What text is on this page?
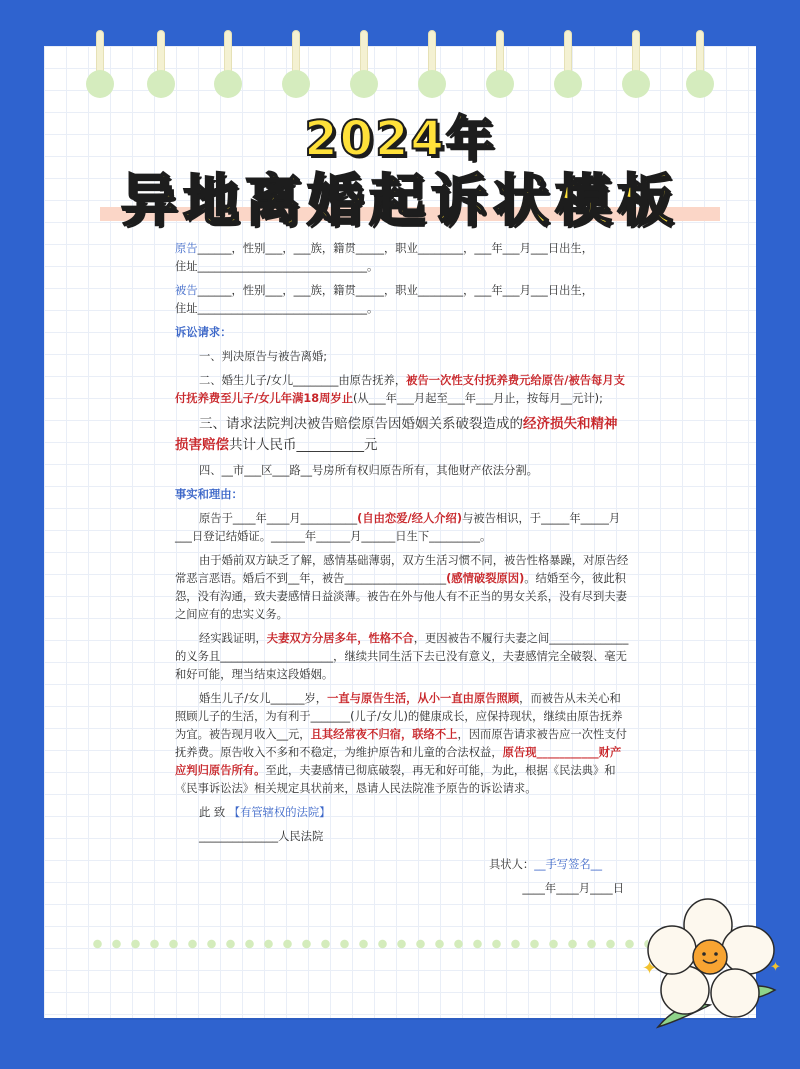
2024年
异地离婚起诉状模板

原告______，性别___，___族，籍贯_____，职业________，___年___月___日出生，
住址______________________________。

被告______，性别___，___族，籍贯_____，职业________，___年___月___日出生，
住址______________________________。

诉讼请求：

一、判决原告与被告离婚;

二、婚生儿子/女儿________由原告抚养，被告一次性支付抚养费元给原告/被告每月支付抚养费至儿子/女儿年满18周岁止(从___年___月起至___年___月止，按每月__元计);

三、请求法院判决被告赔偿原告因婚姻关系破裂造成的经济损失和精神损害赔偿共计人民币__________元

四、__市___区___路__号房所有权归原告所有，其他财产依法分割。

事实和理由：

原告于____年____月__________(自由恋爱/经人介绍)与被告相识，于_____年_____月___日登记结婚证。______年______月______日生下_________。

由于婚前双方缺乏了解，感情基础薄弱，双方生活习惯不同，被告性格暴躁，对原告经常恶言恶语。婚后不到__年，被告__________________(感情破裂原因)。结婚至今，彼此积怨，没有沟通，致夫妻感情日益淡薄。被告在外与他人有不正当的男女关系，没有尽到夫妻之间应有的忠实义务。

经实践证明，夫妻双方分居多年，性格不合，更因被告不履行夫妻之间______________的义务且____________________，继续共同生活下去已没有意义，夫妻感情完全破裂、毫无和好可能，理当结束这段婚姻。

婚生儿子/女儿______岁，一直与原告生活，从小一直由原告照顾，而被告从未关心和照顾儿子的生活，为有利于_______(儿子/女儿)的健康成长，应保持现状，继续由原告抚养为宜。被告现月收入__元，且其经常夜不归宿，联络不上，因而原告请求被告应一次性支付抚养费。原告收入不多和不稳定，为维护原告和儿童的合法权益，原告现___________财产应判归原告所有。至此，夫妻感情已彻底破裂，再无和好可能，为此，根据《民法典》和《民事诉讼法》相关规定具状前来，恳请人民法院准予原告的诉讼请求。

此 致 【有管辖权的法院】

______________人民法院

具状人：__手写签名__

____年____月____日

✦	✦
